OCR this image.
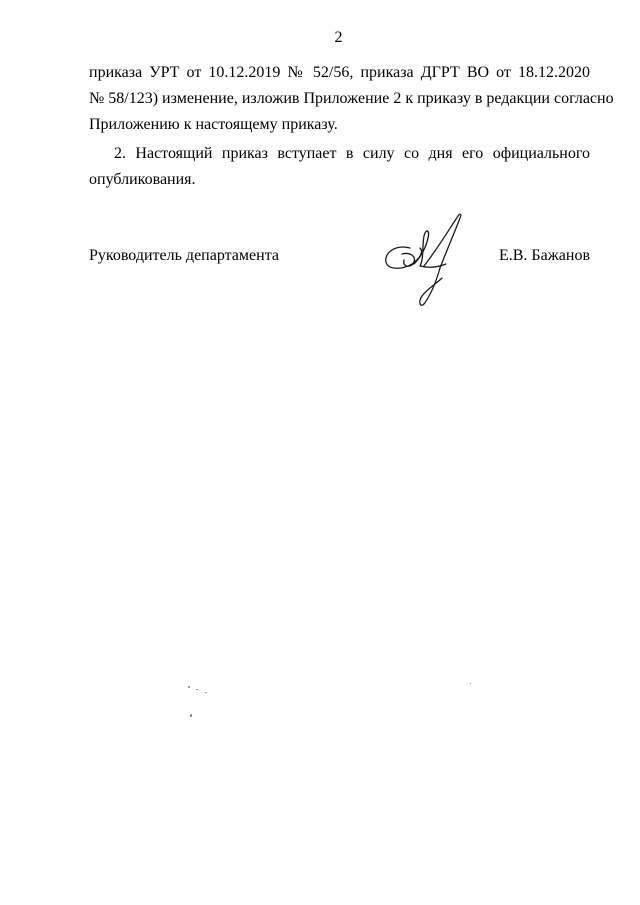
2
приказа УРТ от 10.12.2019 № 52/56, приказа ДГРТ ВО от 18.12.2020
№ 58/123) изменение, изложив Приложение 2 к приказу в редакции согласно
Приложению к настоящему приказу.
2. Настоящий приказ вступает в силу со дня его официального
опубликования.
Руководитель департамента	Е.В. Бажанов
